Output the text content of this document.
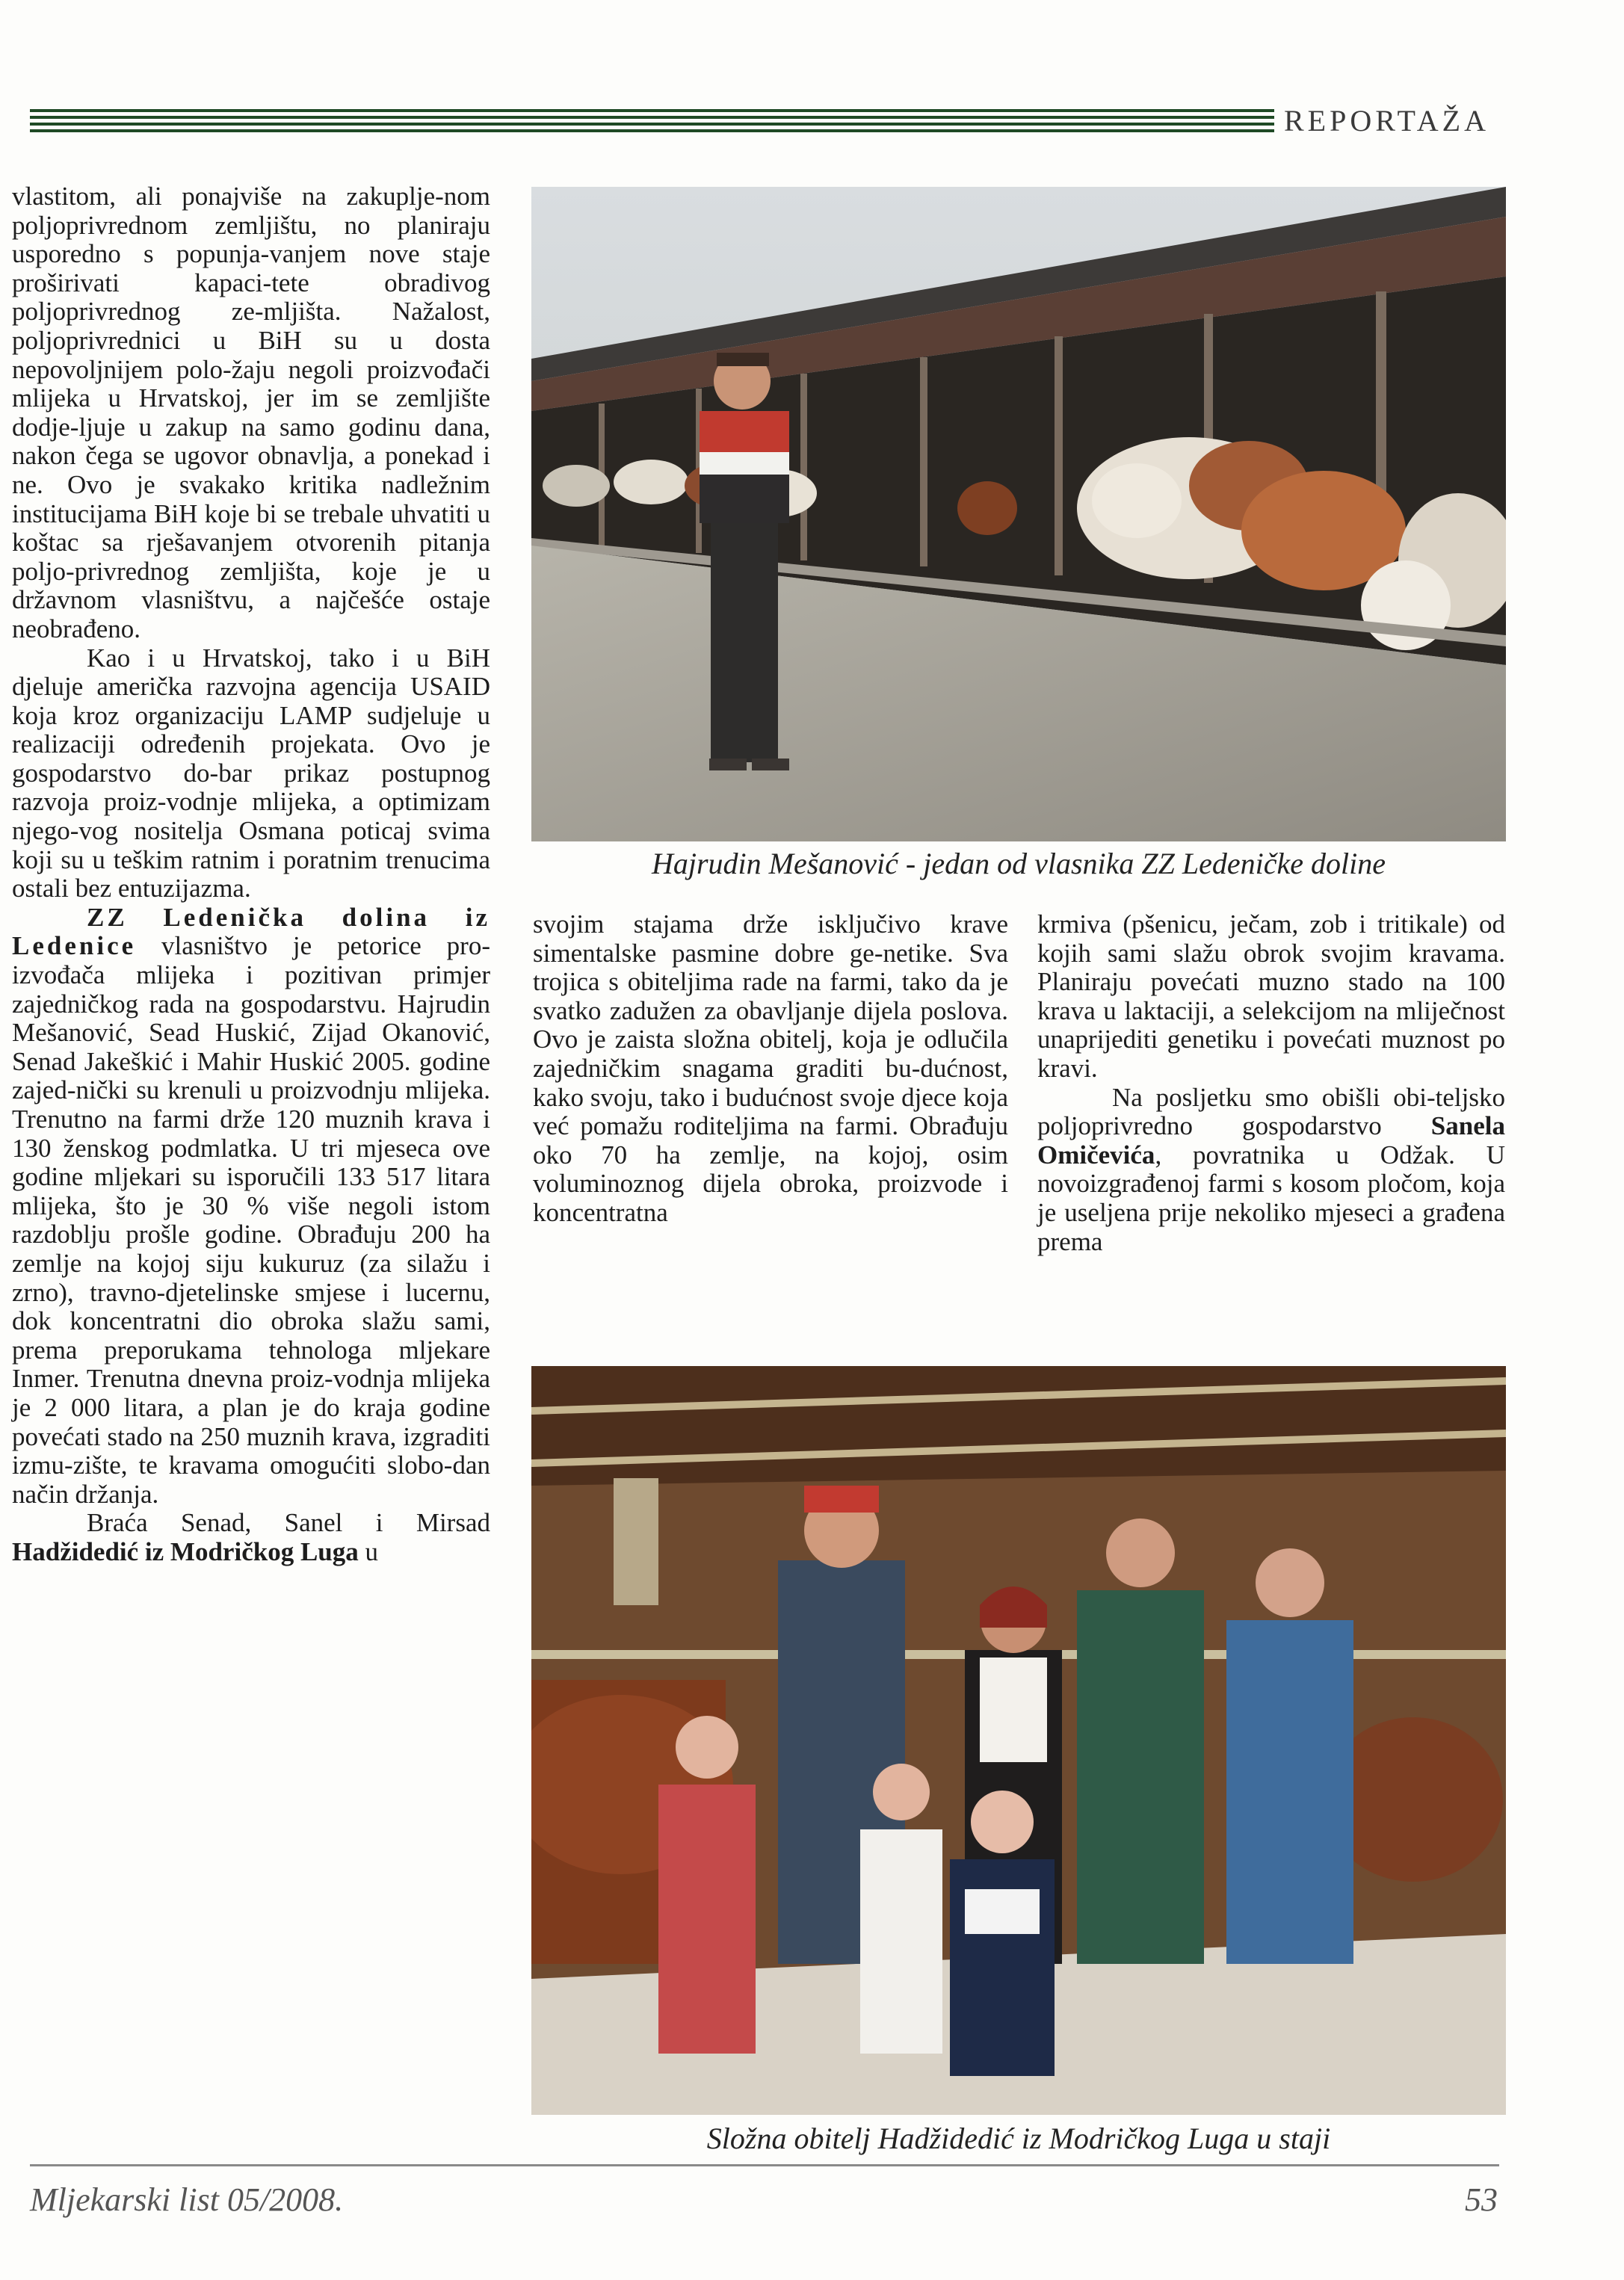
REPORTAŽA

vlastitom, ali ponajviše na zakuplje-nom poljoprivrednom zemljištu, no planiraju usporedno s popunja-vanjem nove staje proširivati kapaci-tete obradivog poljoprivrednog ze-mljišta. Nažalost, poljoprivrednici u BiH su u dosta nepovoljnijem polo-žaju negoli proizvođači mlijeka u Hrvatskoj, jer im se zemljište dodje-ljuje u zakup na samo godinu dana, nakon čega se ugovor obnavlja, a ponekad i ne. Ovo je svakako kritika nadležnim institucijama BiH koje bi se trebale uhvatiti u koštac sa rješavanjem otvorenih pitanja poljo-privrednog zemljišta, koje je u državnom vlasništvu, a najčešće ostaje neobrađeno.

Kao i u Hrvatskoj, tako i u BiH djeluje američka razvojna agencija USAID koja kroz organizaciju LAMP sudjeluje u realizaciji određenih projekata. Ovo je gospodarstvo do-bar prikaz postupnog razvoja proiz-vodnje mlijeka, a optimizam njego-vog nositelja Osmana poticaj svima koji su u teškim ratnim i poratnim trenucima ostali bez entuzijazma.

ZZ Ledenička dolina iz Ledenice vlasništvo je petorice pro-izvođača mlijeka i pozitivan primjer zajedničkog rada na gospodarstvu. Hajrudin Mešanović, Sead Huskić, Zijad Okanović, Senad Jakeškić i Mahir Huskić 2005. godine zajed-nički su krenuli u proizvodnju mlijeka. Trenutno na farmi drže 120 muznih krava i 130 ženskog podmlatka. U tri mjeseca ove godine mljekari su isporučili 133 517 litara mlijeka, što je 30 % više negoli istom razdoblju prošle godine. Obrađuju 200 ha zemlje na kojoj siju kukuruz (za silažu i zrno), travno-djetelinske smjese i lucernu, dok koncentratni dio obroka slažu sami, prema preporukama tehnologa mljekare Inmer. Trenutna dnevna proiz-vodnja mlijeka je 2 000 litara, a plan je do kraja godine povećati stado na 250 muznih krava, izgraditi izmu-zište, te kravama omogućiti slobo-dan način držanja.

Braća Senad, Sanel i Mirsad Hadžidedić iz Modričkog Luga u

Hajrudin Mešanović - jedan od vlasnika ZZ Ledeničke doline

svojim stajama drže isključivo krave simentalske pasmine dobre ge-netike. Sva trojica s obiteljima rade na farmi, tako da je svatko zadužen za obavljanje dijela poslova. Ovo je zaista složna obitelj, koja je odlučila zajedničkim snagama graditi bu-dućnost, kako svoju, tako i budućnost svoje djece koja već pomažu roditeljima na farmi. Obrađuju oko 70 ha zemlje, na kojoj, osim voluminoznog dijela obroka, proizvode i koncentratna

krmiva (pšenicu, ječam, zob i tritikale) od kojih sami slažu obrok svojim kravama. Planiraju povećati muzno stado na 100 krava u laktaciji, a selekcijom na mliječnost unaprijediti genetiku i povećati muznost po kravi.

Na posljetku smo obišli obi-teljsko poljoprivredno gospodarstvo Sanela Omičevića, povratnika u Odžak. U novoizgrađenoj farmi s kosom pločom, koja je useljena prije nekoliko mjeseci a građena prema

Složna obitelj Hadžidedić iz Modričkog Luga u staji
Mljekarski list 05/2008.	53
